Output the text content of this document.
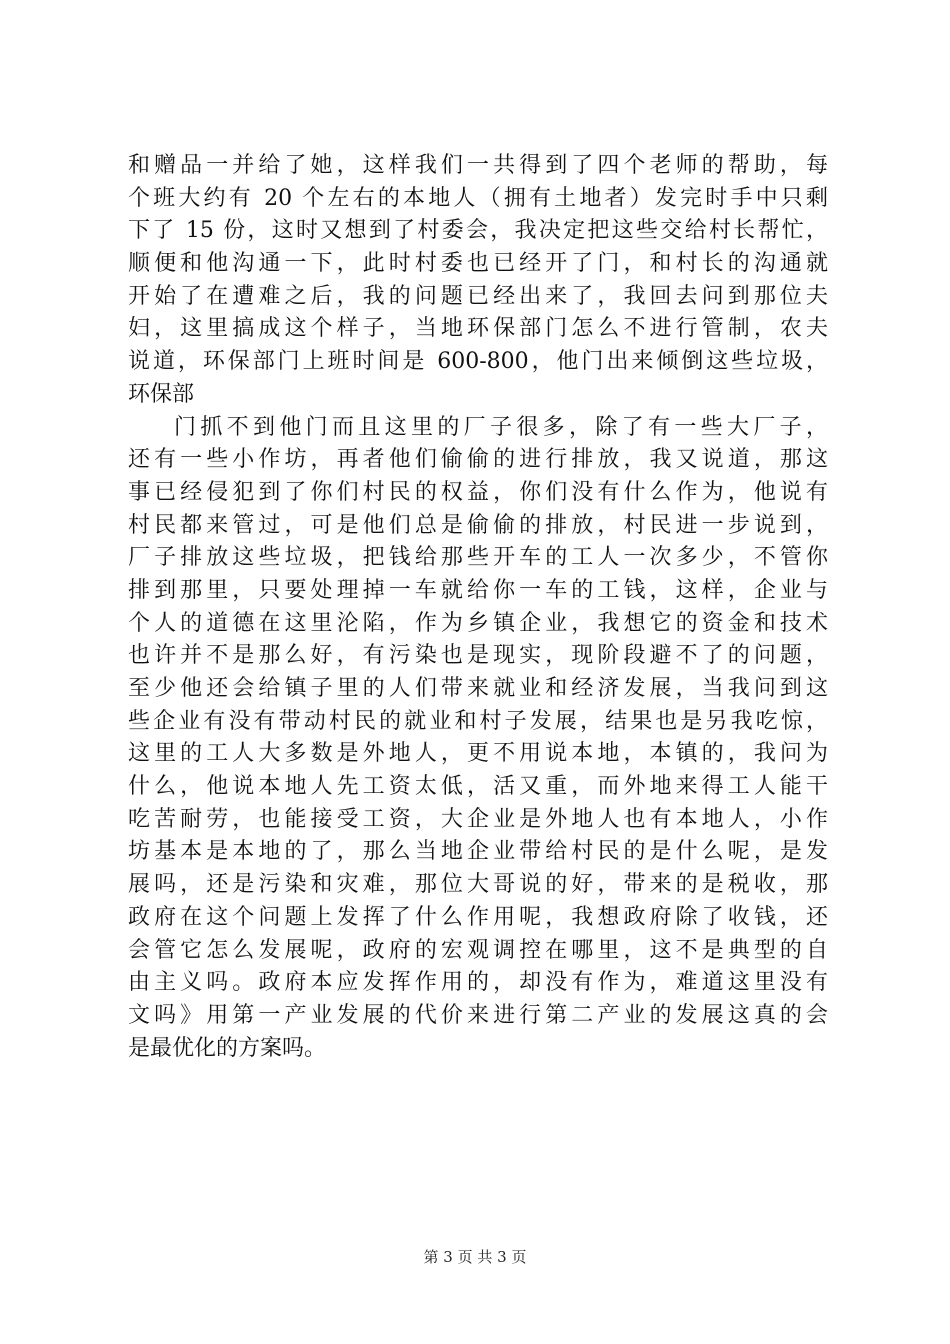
和赠品一并给了她，这样我们一共得到了四个老师的帮助，每
个班大约有 20 个左右的本地人（拥有土地者）发完时手中只剩
下了 15 份，这时又想到了村委会，我决定把这些交给村长帮忙，
顺便和他沟通一下，此时村委也已经开了门，和村长的沟通就
开始了在遭难之后，我的问题已经出来了，我回去问到那位夫
妇，这里搞成这个样子，当地环保部门怎么不进行管制，农夫
说道，环保部门上班时间是 600-800，他门出来倾倒这些垃圾，
环保部
门抓不到他门而且这里的厂子很多，除了有一些大厂子，
还有一些小作坊，再者他们偷偷的进行排放，我又说道，那这
事已经侵犯到了你们村民的权益，你们没有什么作为，他说有
村民都来管过，可是他们总是偷偷的排放，村民进一步说到，
厂子排放这些垃圾，把钱给那些开车的工人一次多少，不管你
排到那里，只要处理掉一车就给你一车的工钱，这样，企业与
个人的道德在这里沦陷，作为乡镇企业，我想它的资金和技术
也许并不是那么好，有污染也是现实，现阶段避不了的问题，
至少他还会给镇子里的人们带来就业和经济发展，当我问到这
些企业有没有带动村民的就业和村子发展，结果也是另我吃惊，
这里的工人大多数是外地人，更不用说本地，本镇的，我问为
什么，他说本地人先工资太低，活又重，而外地来得工人能干
吃苦耐劳，也能接受工资，大企业是外地人也有本地人，小作
坊基本是本地的了，那么当地企业带给村民的是什么呢，是发
展吗，还是污染和灾难，那位大哥说的好，带来的是税收，那
政府在这个问题上发挥了什么作用呢，我想政府除了收钱，还
会管它怎么发展呢，政府的宏观调控在哪里，这不是典型的自
由主义吗。政府本应发挥作用的，却没有作为，难道这里没有
文吗》用第一产业发展的代价来进行第二产业的发展这真的会
是最优化的方案吗。
第 3 页 共 3 页
